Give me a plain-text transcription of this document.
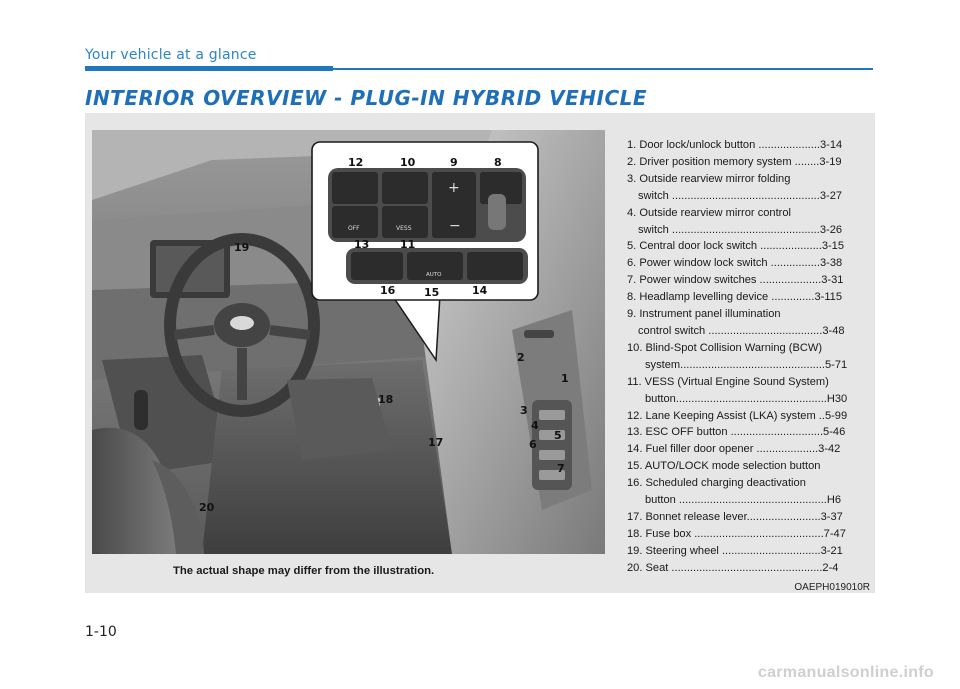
Your vehicle at a glance
INTERIOR OVERVIEW - PLUG-IN HYBRID VEHICLE
+
−
VESS
OFF
AUTO
12	10	9	8
13	11
16	15	14
19
18
17
20
2
1
3
4
5
6
7
1. Door lock/unlock button ....................3-14
2. Driver position memory system ........3-19
3. Outside rearview mirror folding
switch ................................................3-27
4. Outside rearview mirror control
switch ................................................3-26
5. Central door lock switch ....................3-15
6. Power window lock switch ................3-38
7. Power window switches ....................3-31
8. Headlamp levelling device ..............3-115
9. Instrument panel illumination
control switch .....................................3-48
10. Blind-Spot Collision Warning (BCW)
system...............................................5-71
11. VESS (Virtual Engine Sound System)
button.................................................H30
12. Lane Keeping Assist (LKA) system ..5-99
13. ESC OFF button ..............................5-46
14. Fuel filler door opener ....................3-42
15. AUTO/LOCK mode selection button
16. Scheduled charging deactivation
button ................................................H6
17. Bonnet release lever........................3-37
18. Fuse box ..........................................7-47
19. Steering wheel ................................3-21
20. Seat .................................................2-4
The actual shape may differ from the illustration.
OAEPH019010R
1-10
carmanualsonline.info
